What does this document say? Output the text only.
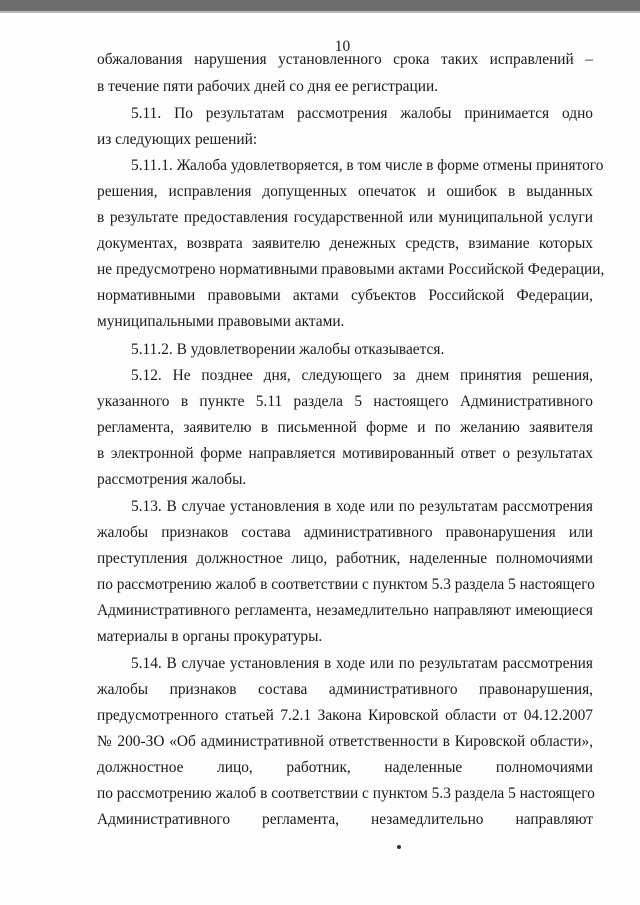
10
обжалования нарушения установленного срока таких исправлений –
в течение пяти рабочих дней со дня ее регистрации.
5.11. По результатам рассмотрения жалобы принимается одно
из следующих решений:
5.11.1. Жалоба удовлетворяется, в том числе в форме отмены принятого
решения, исправления допущенных опечаток и ошибок в выданных
в результате предоставления государственной или муниципальной услуги
документах, возврата заявителю денежных средств, взимание которых
не предусмотрено нормативными правовыми актами Российской Федерации,
нормативными правовыми актами субъектов Российской Федерации,
муниципальными правовыми актами.
5.11.2. В удовлетворении жалобы отказывается.
5.12. Не позднее дня, следующего за днем принятия решения,
указанного в пункте 5.11 раздела 5 настоящего Административного
регламента, заявителю в письменной форме и по желанию заявителя
в электронной форме направляется мотивированный ответ о результатах
рассмотрения жалобы.
5.13. В случае установления в ходе или по результатам рассмотрения
жалобы признаков состава административного правонарушения или
преступления должностное лицо, работник, наделенные полномочиями
по рассмотрению жалоб в соответствии с пунктом 5.3 раздела 5 настоящего
Административного регламента, незамедлительно направляют имеющиеся
материалы в органы прокуратуры.
5.14. В случае установления в ходе или по результатам рассмотрения
жалобы признаков состава административного правонарушения,
предусмотренного статьей 7.2.1 Закона Кировской области от 04.12.2007
№ 200-ЗО «Об административной ответственности в Кировской области»,
должностное лицо, работник, наделенные полномочиями
по рассмотрению жалоб в соответствии с пунктом 5.3 раздела 5 настоящего
Административного регламента, незамедлительно направляют
